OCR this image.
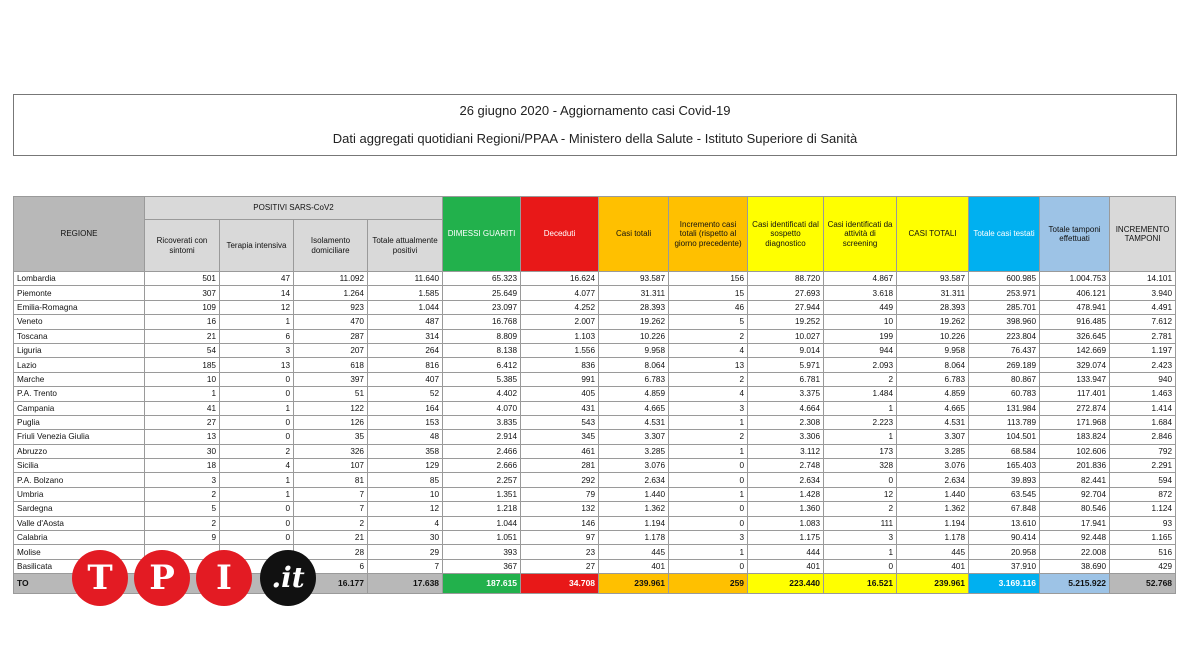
26 giugno 2020 - Aggiornamento casi Covid-19
Dati aggregati quotidiani Regioni/PPAA - Ministero della Salute - Istituto Superiore di Sanità
REGIONE	POSITIVI SARS-CoV2				DIMESSI GUARITI	Deceduti	Casi totali	Incremento casi totali (rispetto al giorno precedente)	Casi identificati dal sospetto diagnostico	Casi identificati da attività di screening	CASI TOTALI	Totale casi testati	Totale tamponi effettuati	INCREMENTO TAMPONI
	Ricoverati con sintomi	Terapia intensiva	Isolamento domiciliare	Totale attualmente positivi										
Lombardia	501	47	11.092	11.640	65.323	16.624	93.587	156	88.720	4.867	93.587	600.985	1.004.753	14.101
Piemonte	307	14	1.264	1.585	25.649	4.077	31.311	15	27.693	3.618	31.311	253.971	406.121	3.940
Emilia-Romagna	109	12	923	1.044	23.097	4.252	28.393	46	27.944	449	28.393	285.701	478.941	4.491
Veneto	16	1	470	487	16.768	2.007	19.262	5	19.252	10	19.262	398.960	916.485	7.612
Toscana	21	6	287	314	8.809	1.103	10.226	2	10.027	199	10.226	223.804	326.645	2.781
Liguria	54	3	207	264	8.138	1.556	9.958	4	9.014	944	9.958	76.437	142.669	1.197
Lazio	185	13	618	816	6.412	836	8.064	13	5.971	2.093	8.064	269.189	329.074	2.423
Marche	10	0	397	407	5.385	991	6.783	2	6.781	2	6.783	80.867	133.947	940
P.A. Trento	1	0	51	52	4.402	405	4.859	4	3.375	1.484	4.859	60.783	117.401	1.463
Campania	41	1	122	164	4.070	431	4.665	3	4.664	1	4.665	131.984	272.874	1.414
Puglia	27	0	126	153	3.835	543	4.531	1	2.308	2.223	4.531	113.789	171.968	1.684
Friuli Venezia Giulia	13	0	35	48	2.914	345	3.307	2	3.306	1	3.307	104.501	183.824	2.846
Abruzzo	30	2	326	358	2.466	461	3.285	1	3.112	173	3.285	68.584	102.606	792
Sicilia	18	4	107	129	2.666	281	3.076	0	2.748	328	3.076	165.403	201.836	2.291
P.A. Bolzano	3	1	81	85	2.257	292	2.634	0	2.634	0	2.634	39.893	82.441	594
Umbria	2	1	7	10	1.351	79	1.440	1	1.428	12	1.440	63.545	92.704	872
Sardegna	5	0	7	12	1.218	132	1.362	0	1.360	2	1.362	67.848	80.546	1.124
Valle d'Aosta	2	0	2	4	1.044	146	1.194	0	1.083	111	1.194	13.610	17.941	93
Calabria	9	0	21	30	1.051	97	1.178	3	1.175	3	1.178	90.414	92.448	1.165
Molise			28	29	393	23	445	1	444	1	445	20.958	22.008	516
Basilicata			6	7	367	27	401	0	401	0	401	37.910	38.690	429
TO			16.177	17.638	187.615	34.708	239.961	259	223.440	16.521	239.961	3.169.116	5.215.922	52.768
T	P	I	.it
